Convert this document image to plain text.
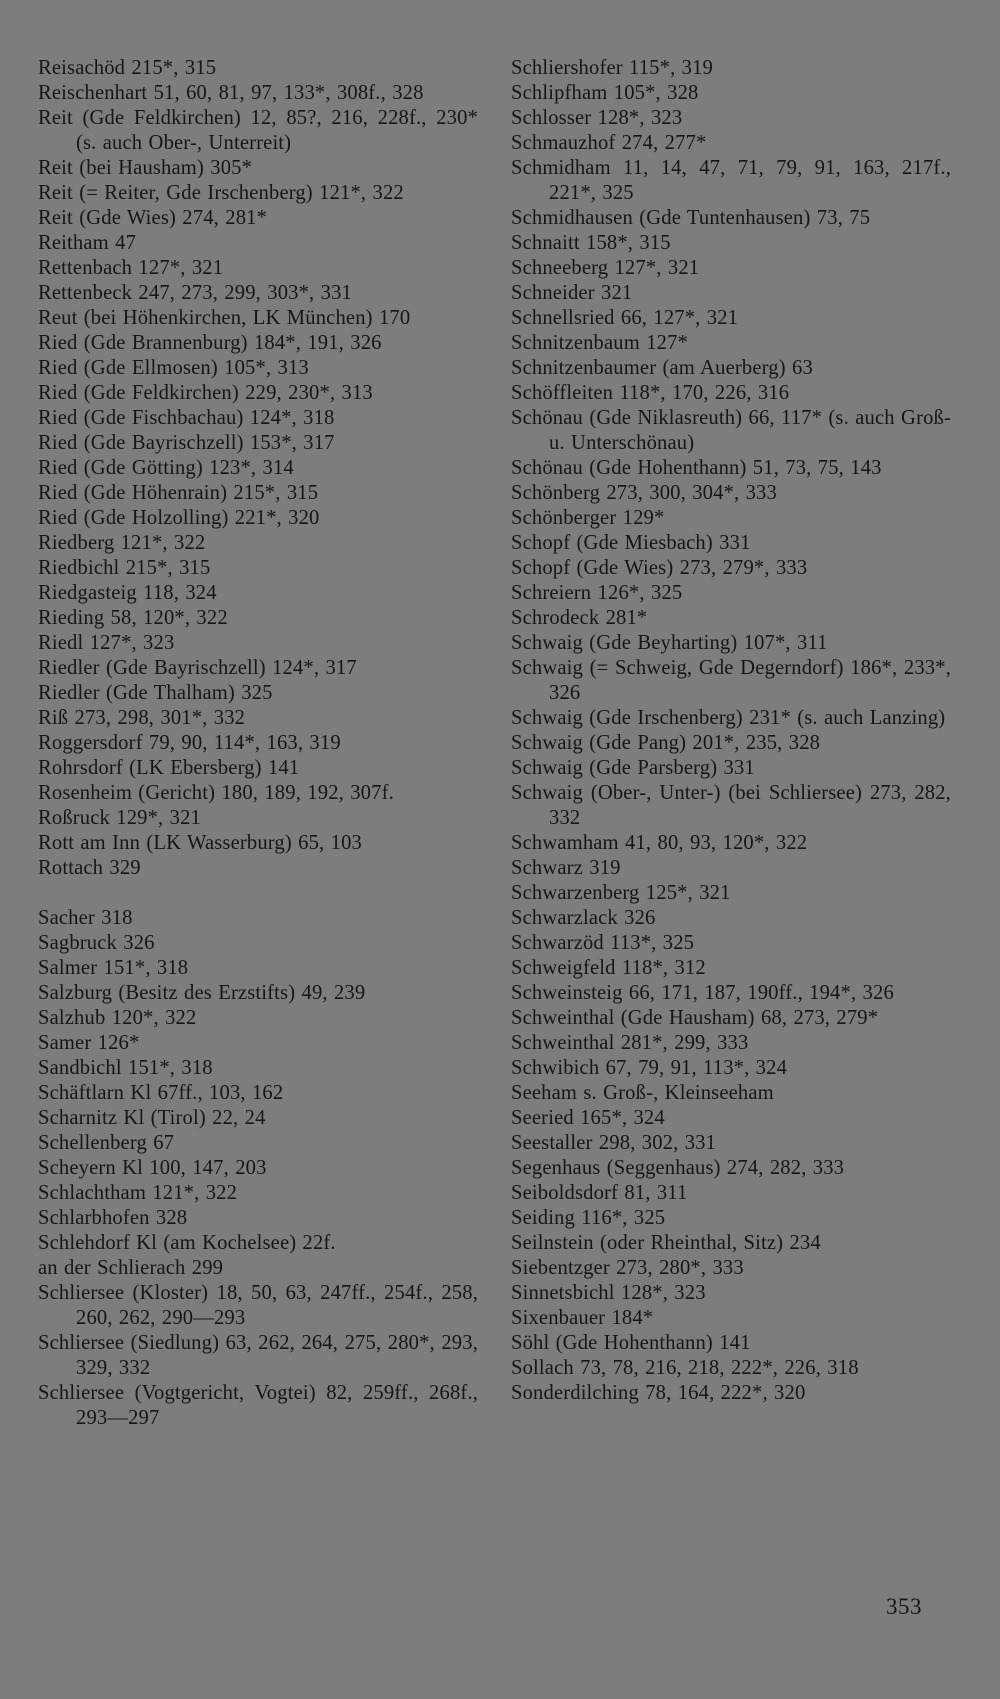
Reisachöd 215*, 315
Reischenhart 51, 60, 81, 97, 133*, 308f., 328
Reit (Gde Feldkirchen) 12, 85?, 216, 228f., 230* (s. auch Ober-, Unterreit)
Reit (bei Hausham) 305*
Reit (= Reiter, Gde Irschenberg) 121*, 322
Reit (Gde Wies) 274, 281*
Reitham 47
Rettenbach 127*, 321
Rettenbeck 247, 273, 299, 303*, 331
Reut (bei Höhenkirchen, LK München) 170
Ried (Gde Brannenburg) 184*, 191, 326
Ried (Gde Ellmosen) 105*, 313
Ried (Gde Feldkirchen) 229, 230*, 313
Ried (Gde Fischbachau) 124*, 318
Ried (Gde Bayrischzell) 153*, 317
Ried (Gde Götting) 123*, 314
Ried (Gde Höhenrain) 215*, 315
Ried (Gde Holzolling) 221*, 320
Riedberg 121*, 322
Riedbichl 215*, 315
Riedgasteig 118, 324
Rieding 58, 120*, 322
Riedl 127*, 323
Riedler (Gde Bayrischzell) 124*, 317
Riedler (Gde Thalham) 325
Riß 273, 298, 301*, 332
Roggersdorf 79, 90, 114*, 163, 319
Rohrsdorf (LK Ebersberg) 141
Rosenheim (Gericht) 180, 189, 192, 307f.
Roßruck 129*, 321
Rott am Inn (LK Wasserburg) 65, 103
Rottach 329
Sacher 318
Sagbruck 326
Salmer 151*, 318
Salzburg (Besitz des Erzstifts) 49, 239
Salzhub 120*, 322
Samer 126*
Sandbichl 151*, 318
Schäftlarn Kl 67ff., 103, 162
Scharnitz Kl (Tirol) 22, 24
Schellenberg 67
Scheyern Kl 100, 147, 203
Schlachtham 121*, 322
Schlarbhofen 328
Schlehdorf Kl (am Kochelsee) 22f.
an der Schlierach 299
Schliersee (Kloster) 18, 50, 63, 247ff., 254f., 258, 260, 262, 290—293
Schliersee (Siedlung) 63, 262, 264, 275, 280*, 293, 329, 332
Schliersee (Vogtgericht, Vogtei) 82, 259ff., 268f., 293—297
Schliershofer 115*, 319
Schlipfham 105*, 328
Schlosser 128*, 323
Schmauzhof 274, 277*
Schmidham 11, 14, 47, 71, 79, 91, 163, 217f., 221*, 325
Schmidhausen (Gde Tuntenhausen) 73, 75
Schnaitt 158*, 315
Schneeberg 127*, 321
Schneider 321
Schnellsried 66, 127*, 321
Schnitzenbaum 127*
Schnitzenbaumer (am Auerberg) 63
Schöffleiten 118*, 170, 226, 316
Schönau (Gde Niklasreuth) 66, 117* (s. auch Groß- u. Unterschönau)
Schönau (Gde Hohenthann) 51, 73, 75, 143
Schönberg 273, 300, 304*, 333
Schönberger 129*
Schopf (Gde Miesbach) 331
Schopf (Gde Wies) 273, 279*, 333
Schreiern 126*, 325
Schrodeck 281*
Schwaig (Gde Beyharting) 107*, 311
Schwaig (= Schweig, Gde Degerndorf) 186*, 233*, 326
Schwaig (Gde Irschenberg) 231* (s. auch Lanzing)
Schwaig (Gde Pang) 201*, 235, 328
Schwaig (Gde Parsberg) 331
Schwaig (Ober-, Unter-) (bei Schliersee) 273, 282, 332
Schwamham 41, 80, 93, 120*, 322
Schwarz 319
Schwarzenberg 125*, 321
Schwarzlack 326
Schwarzöd 113*, 325
Schweigfeld 118*, 312
Schweinsteig 66, 171, 187, 190ff., 194*, 326
Schweinthal (Gde Hausham) 68, 273, 279*
Schweinthal 281*, 299, 333
Schwibich 67, 79, 91, 113*, 324
Seeham s. Groß-, Kleinseeham
Seeried 165*, 324
Seestaller 298, 302, 331
Segenhaus (Seggenhaus) 274, 282, 333
Seiboldsdorf 81, 311
Seiding 116*, 325
Seilnstein (oder Rheinthal, Sitz) 234
Siebentzger 273, 280*, 333
Sinnetsbichl 128*, 323
Sixenbauer 184*
Söhl (Gde Hohenthann) 141
Sollach 73, 78, 216, 218, 222*, 226, 318
Sonderdilching 78, 164, 222*, 320
353
